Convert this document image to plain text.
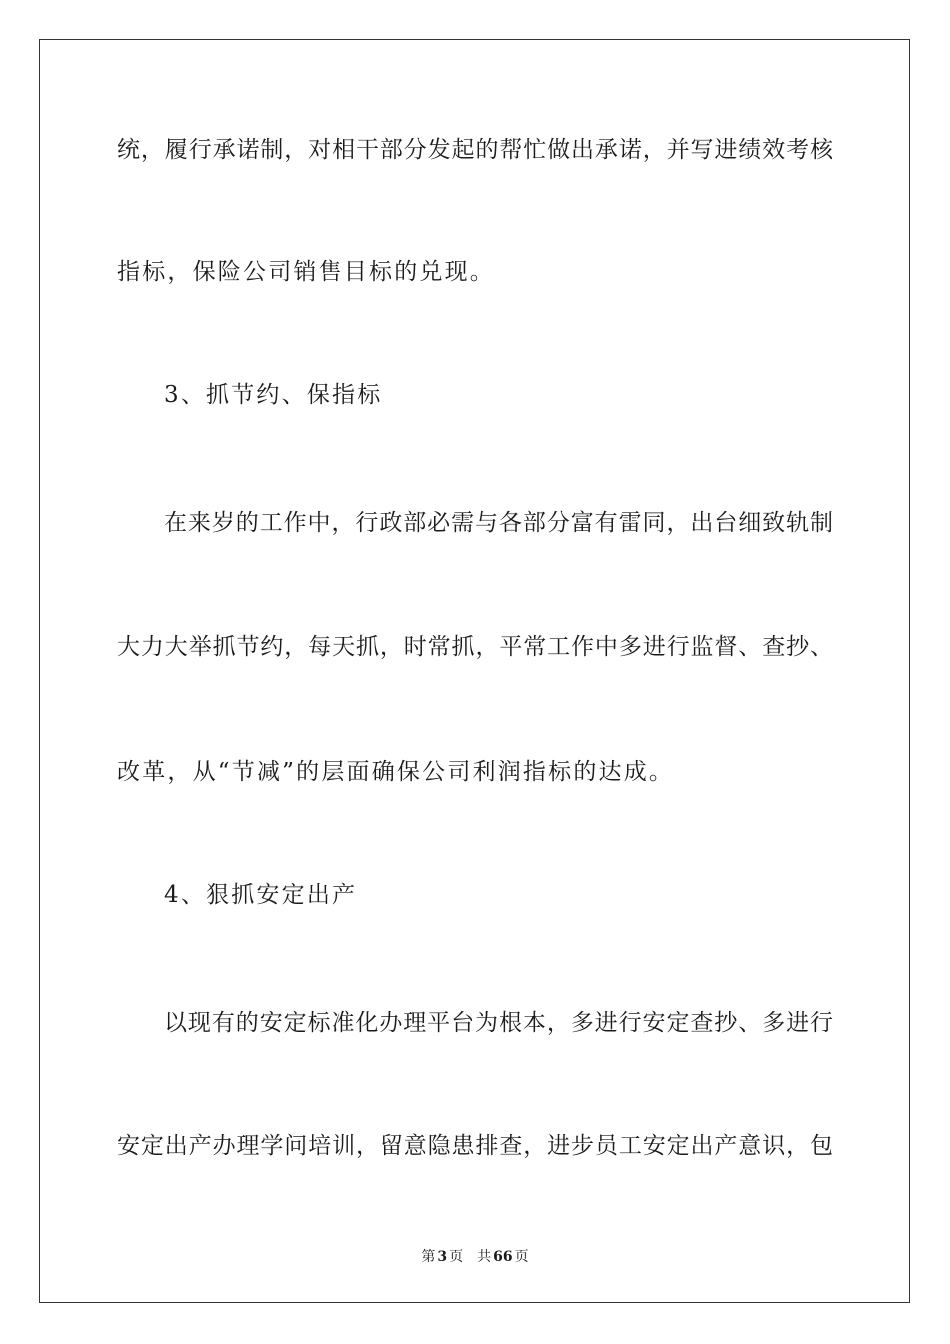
统，履行承诺制，对相干部分发起的帮忙做出承诺，并写进绩效考核
指标，保险公司销售目标的兑现。
3、抓节约、保指标
在来岁的工作中，行政部必需与各部分富有雷同，出台细致轨制
大力大举抓节约，每天抓，时常抓，平常工作中多进行监督、查抄、
改革，从“节减”的层面确保公司利润指标的达成。
4、狠抓安定出产
以现有的安定标准化办理平台为根本，多进行安定查抄、多进行
安定出产办理学问培训，留意隐患排查，进步员工安定出产意识，包
第 3 页 共 66 页
